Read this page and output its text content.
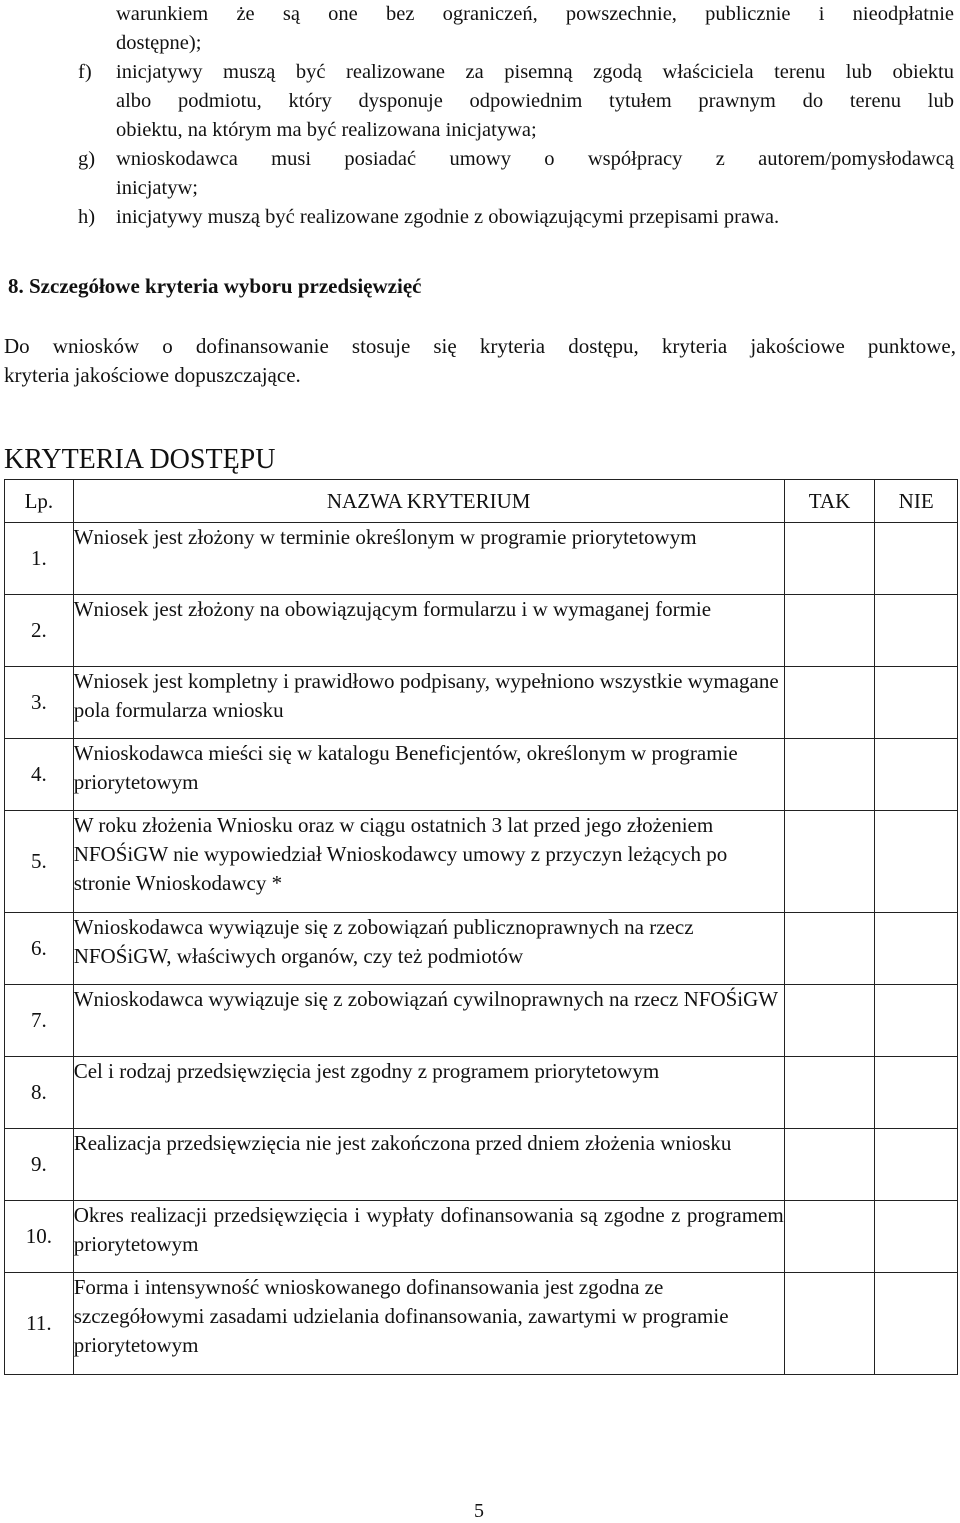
warunkiem że są one bez ograniczeń, powszechnie, publicznie i nieodpłatnie
dostępne);
f) inicjatywy muszą być realizowane za pisemną zgodą właściciela terenu lub obiektu
albo podmiotu, który dysponuje odpowiednim tytułem prawnym do terenu lub
obiektu, na którym ma być realizowana inicjatywa;
g) wnioskodawca musi posiadać umowy o współpracy z autorem/pomysłodawcą
inicjatyw;
h) inicjatywy muszą być realizowane zgodnie z obowiązującymi przepisami prawa.
8. Szczegółowe kryteria wyboru przedsięwzięć
Do wniosków o dofinansowanie stosuje się kryteria dostępu, kryteria jakościowe punktowe,
kryteria jakościowe dopuszczające.
KRYTERIA DOSTĘPU
Lp.	NAZWA KRYTERIUM	TAK	NIE
1.	Wniosek jest złożony w terminie określonym w programie priorytetowym		
2.	Wniosek jest złożony na obowiązującym formularzu i w wymaganej formie		
3.	Wniosek jest kompletny i prawidłowo podpisany, wypełniono wszystkie wymagane pola formularza wniosku		
4.	Wnioskodawca mieści się w katalogu Beneficjentów, określonym w programie priorytetowym		
5.	W roku złożenia Wniosku oraz w ciągu ostatnich 3 lat przed jego złożeniem NFOŚiGW nie wypowiedział Wnioskodawcy umowy z przyczyn leżących po stronie Wnioskodawcy *		
6.	Wnioskodawca wywiązuje się z zobowiązań publicznoprawnych na rzecz NFOŚiGW, właściwych organów, czy też podmiotów		
7.	Wnioskodawca wywiązuje się z zobowiązań cywilnoprawnych na rzecz NFOŚiGW		
8.	Cel i rodzaj przedsięwzięcia jest zgodny z programem priorytetowym		
9.	Realizacja przedsięwzięcia nie jest zakończona przed dniem złożenia wniosku		
10.	Okres realizacji przedsięwzięcia i wypłaty dofinansowania są zgodne z programem priorytetowym		
11.	Forma i intensywność wnioskowanego dofinansowania jest zgodna ze szczegółowymi zasadami udzielania dofinansowania, zawartymi w programie priorytetowym		
5
